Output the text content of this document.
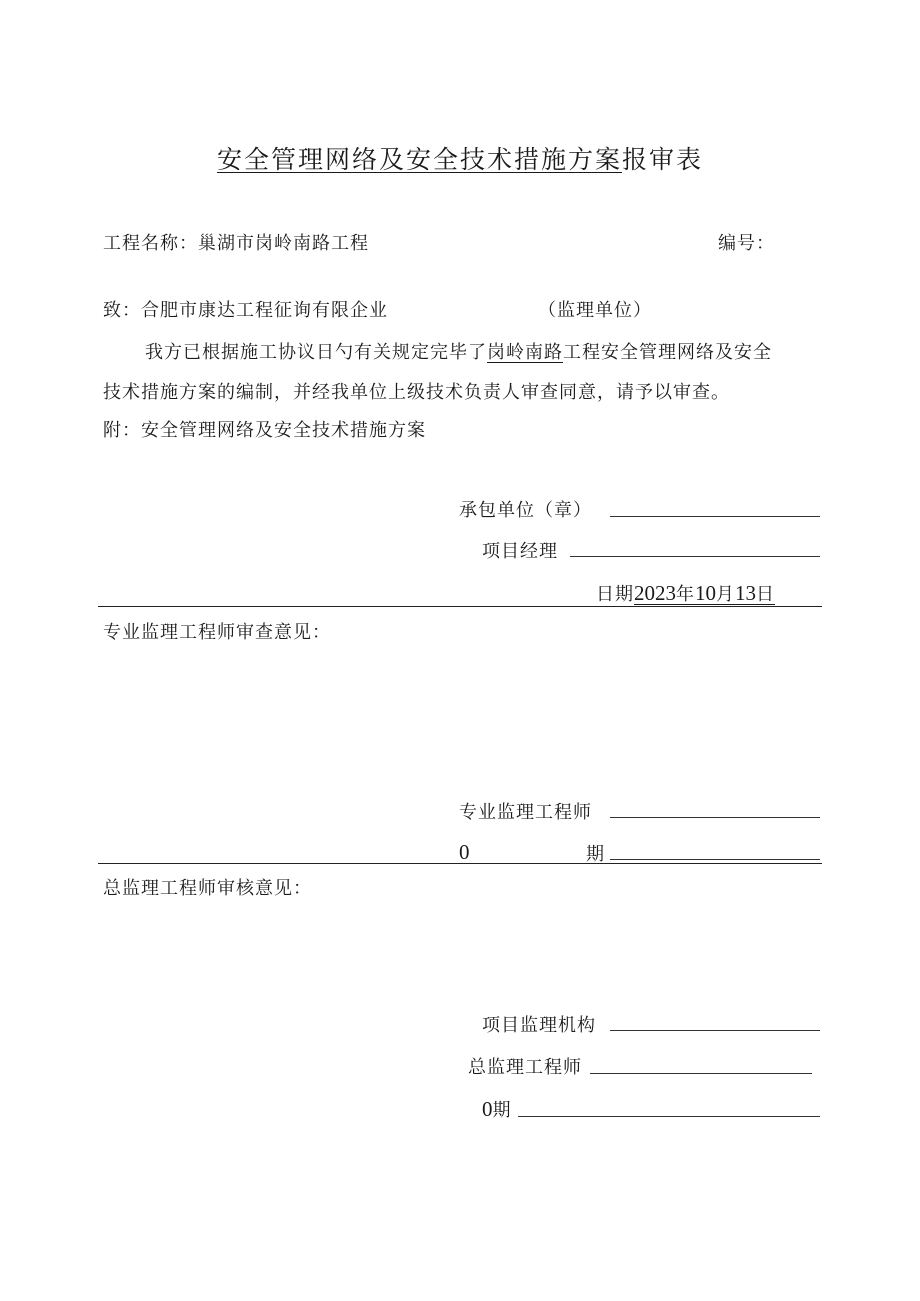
安全管理网络及安全技术措施方案报审表
工程名称：巢湖市岗岭南路工程	编号：
致：合肥市康达工程征询有限企业	（监理单位）
我方已根据施工协议日勺有关规定完毕了岗岭南路工程安全管理网络及安全
技术措施方案的编制，并经我单位上级技术负责人审查同意，请予以审查。
附：安全管理网络及安全技术措施方案
承包单位（章）
项目经理
日期2023年10月13日
专业监理工程师审查意见：
专业监理工程师
0	期
总监理工程师审核意见：
项目监理机构
总监理工程师
0期
